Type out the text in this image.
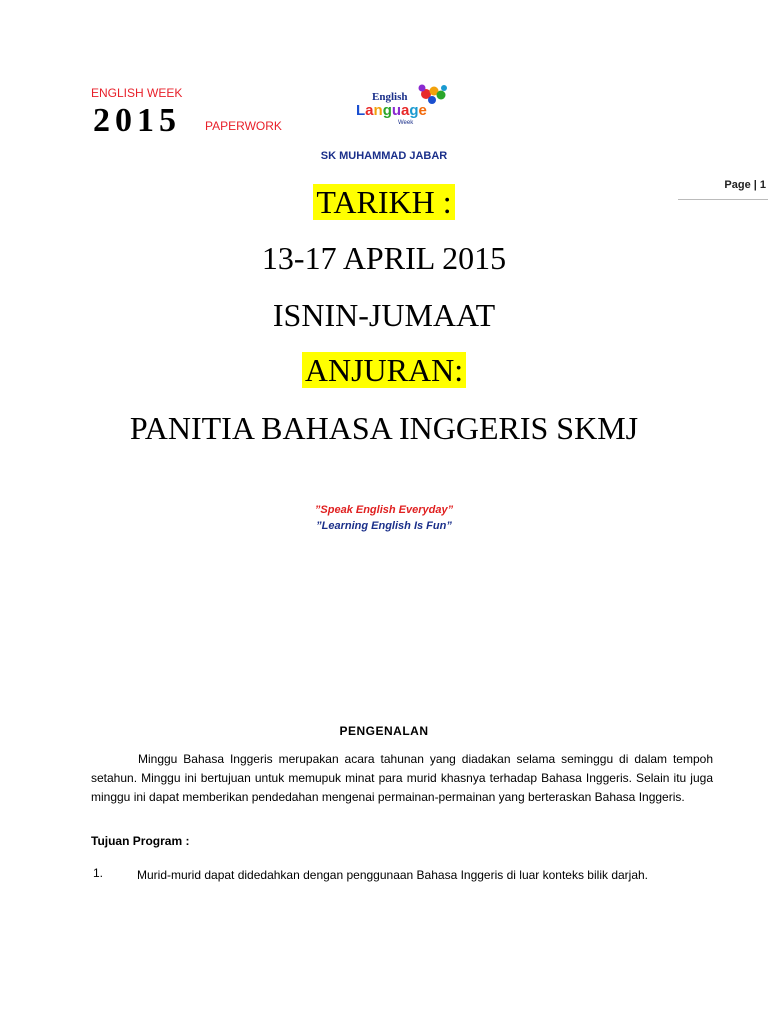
ENGLISH WEEK
2015 PAPERWORK
English
Language
Week
SK MUHAMMAD JABAR
Page | 1
TARIKH :
13-17 APRIL 2015
ISNIN-JUMAAT
ANJURAN:
PANITIA BAHASA INGGERIS SKMJ
”Speak English Everyday”
”Learning English Is Fun”
PENGENALAN
Minggu Bahasa Inggeris merupakan acara tahunan yang diadakan selama seminggu di dalam tempoh setahun. Minggu ini bertujuan untuk memupuk minat para murid khasnya terhadap Bahasa Inggeris. Selain itu juga minggu ini dapat memberikan pendedahan mengenai permainan-permainan yang berteraskan Bahasa Inggeris.
Tujuan Program :
1.	Murid-murid dapat didedahkan dengan penggunaan Bahasa Inggeris di luar konteks bilik darjah.
